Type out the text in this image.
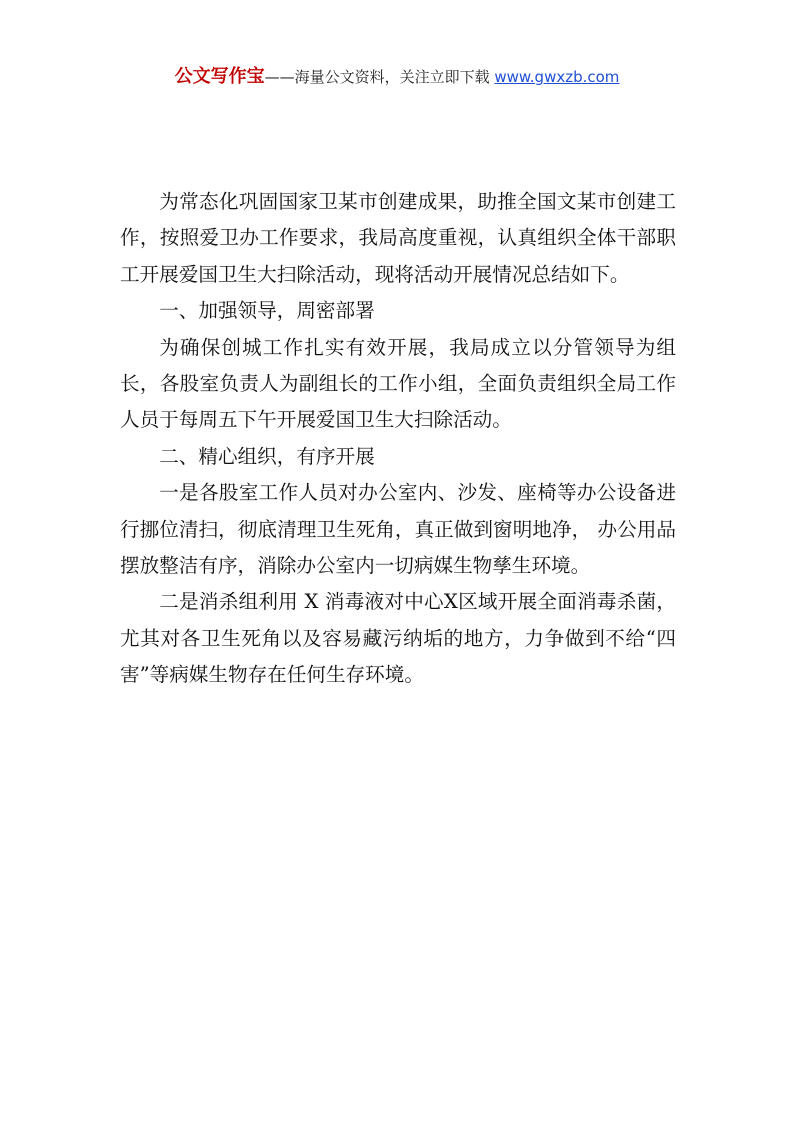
公文写作宝——海量公文资料，关注立即下载 www.gwxzb.com

为常态化巩固国家卫某市创建成果，助推全国文某市创建工作，按照爱卫办工作要求，我局高度重视，认真组织全体干部职工开展爱国卫生大扫除活动，现将活动开展情况总结如下。

一、加强领导，周密部署

为确保创城工作扎实有效开展，我局成立以分管领导为组长，各股室负责人为副组长的工作小组，全面负责组织全局工作人员于每周五下午开展爱国卫生大扫除活动。

二、精心组织，有序开展

一是各股室工作人员对办公室内、沙发、座椅等办公设备进行挪位清扫，彻底清理卫生死角，真正做到窗明地净， 办公用品摆放整洁有序，消除办公室内一切病媒生物孳生环境。

二是消杀组利用 X 消毒液对中心X区域开展全面消毒杀菌，尤其对各卫生死角以及容易藏污纳垢的地方，力争做到不给“四害”等病媒生物存在任何生存环境。
